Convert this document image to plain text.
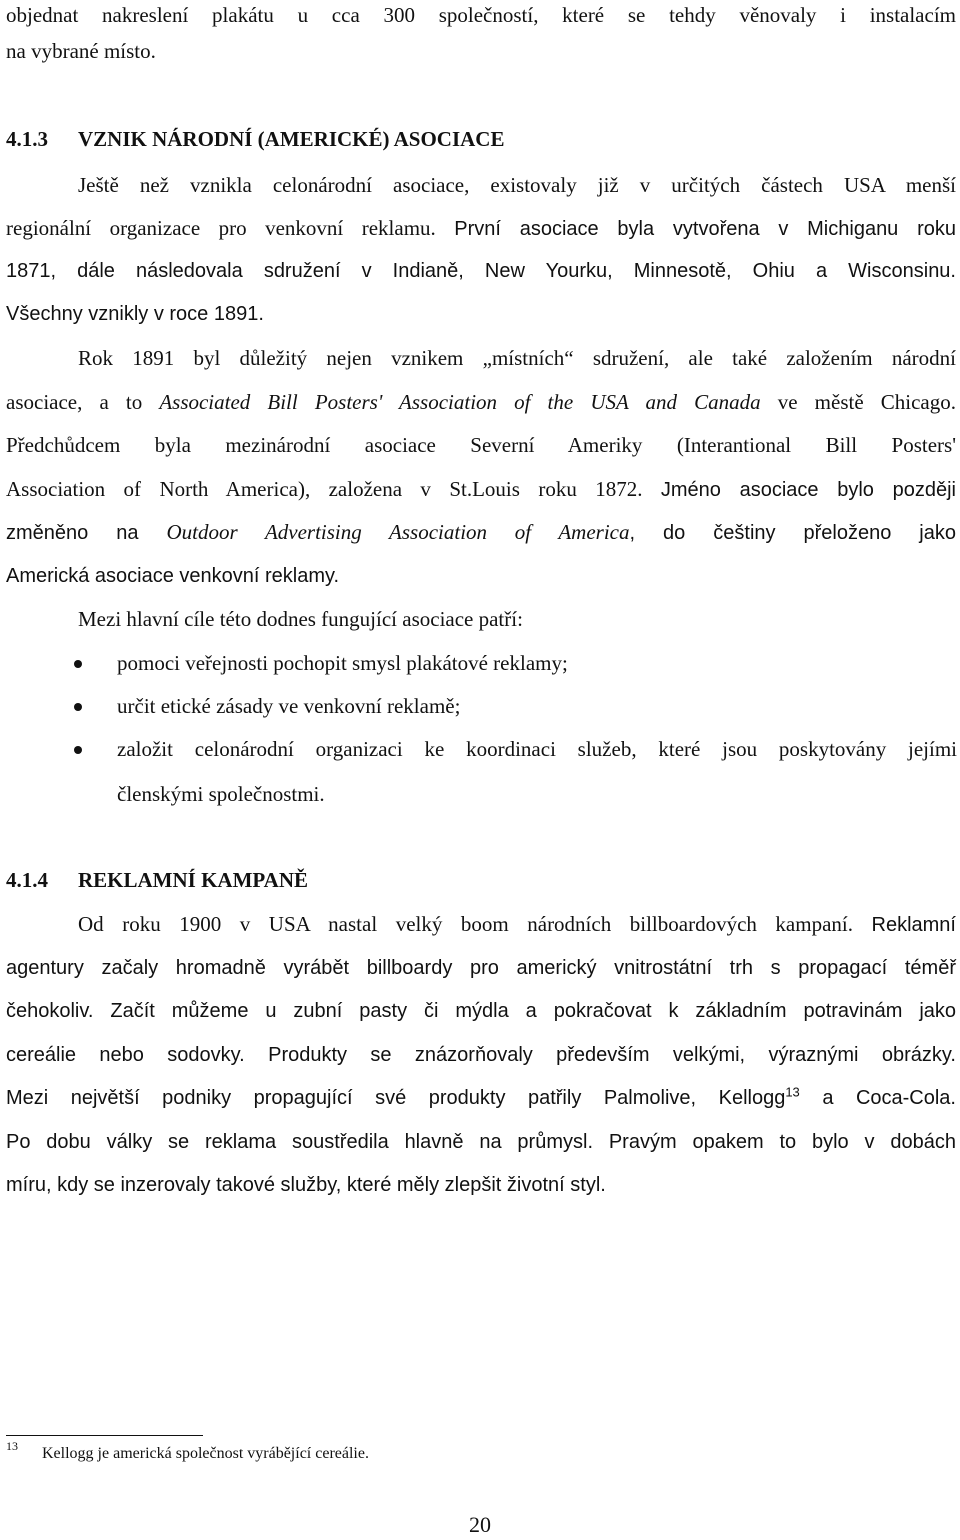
objednat nakreslení plakátu u cca 300 společností, které se tehdy věnovaly i instalacím
na vybrané místo.
4.1.3 VZNIK NÁRODNÍ (AMERICKÉ) ASOCIACE
Ještě než vznikla celonárodní asociace, existovaly již v určitých částech USA menší
regionální organizace pro venkovní reklamu. První asociace byla vytvořena v Michiganu roku
1871, dále následovala sdružení v Indianě, New Yourku, Minnesotě, Ohiu a Wisconsinu.
Všechny vznikly v roce 1891.
Rok 1891 byl důležitý nejen vznikem „místních“ sdružení, ale také založením národní
asociace, a to Associated Bill Posters' Association of the USA and Canada ve městě Chicago.
Předchůdcem byla mezinárodní asociace Severní Ameriky (Interantional Bill Posters'
Association of North America), založena v St.Louis roku 1872. Jméno asociace bylo později
změněno na Outdoor Advertising Association of America, do češtiny přeloženo jako
Americká asociace venkovní reklamy.
Mezi hlavní cíle této dodnes fungující asociace patří:
pomoci veřejnosti pochopit smysl plakátové reklamy;
určit etické zásady ve venkovní reklamě;
založit celonárodní organizaci ke koordinaci služeb, které jsou poskytovány jejími
členskými společnostmi.
4.1.4 REKLAMNÍ KAMPANĚ
Od roku 1900 v USA nastal velký boom národních billboardových kampaní. Reklamní
agentury začaly hromadně vyrábět billboardy pro americký vnitrostátní trh s propagací téměř
čehokoliv. Začít můžeme u zubní pasty či mýdla a pokračovat k základním potravinám jako
cereálie nebo sodovky. Produkty se znázorňovaly především velkými, výraznými obrázky.
Mezi největší podniky propagující své produkty patřily Palmolive, Kellogg$^{13}$ a Coca-Cola.
Po dobu války se reklama soustředila hlavně na průmysl. Pravým opakem to bylo v dobách
míru, kdy se inzerovaly takové služby, které měly zlepšit životní styl.
13 Kellogg je americká společnost vyrábějící cereálie.
20
